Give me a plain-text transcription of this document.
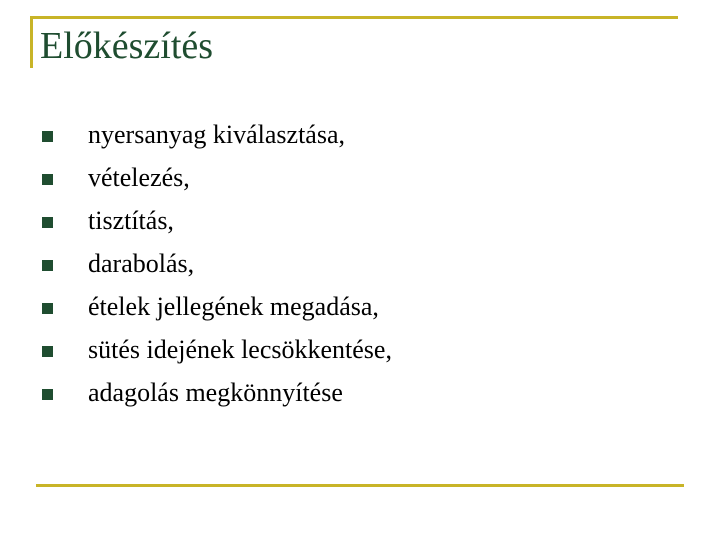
Előkészítés
nyersanyag kiválasztása,
vételezés,
tisztítás,
darabolás,
ételek jellegének megadása,
sütés idejének lecsökkentése,
adagolás megkönnyítése
